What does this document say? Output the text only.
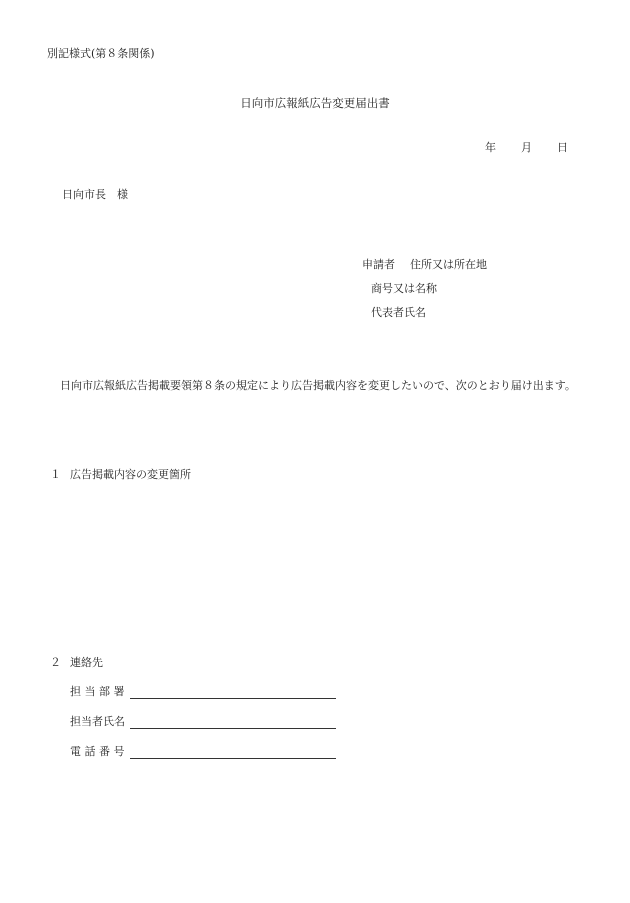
別記様式(第８条関係)
日向市広報紙広告変更届出書
年 月 日
日向市長　様
申請者 住所又は所在地
商号又は名称
代表者氏名
日向市広報紙広告掲載要領第８条の規定により広告掲載内容を変更したいので、次のとおり届け出ます。
１ 広告掲載内容の変更箇所
２ 連絡先
担 当 部 署
担当者氏名
電 話 番 号
